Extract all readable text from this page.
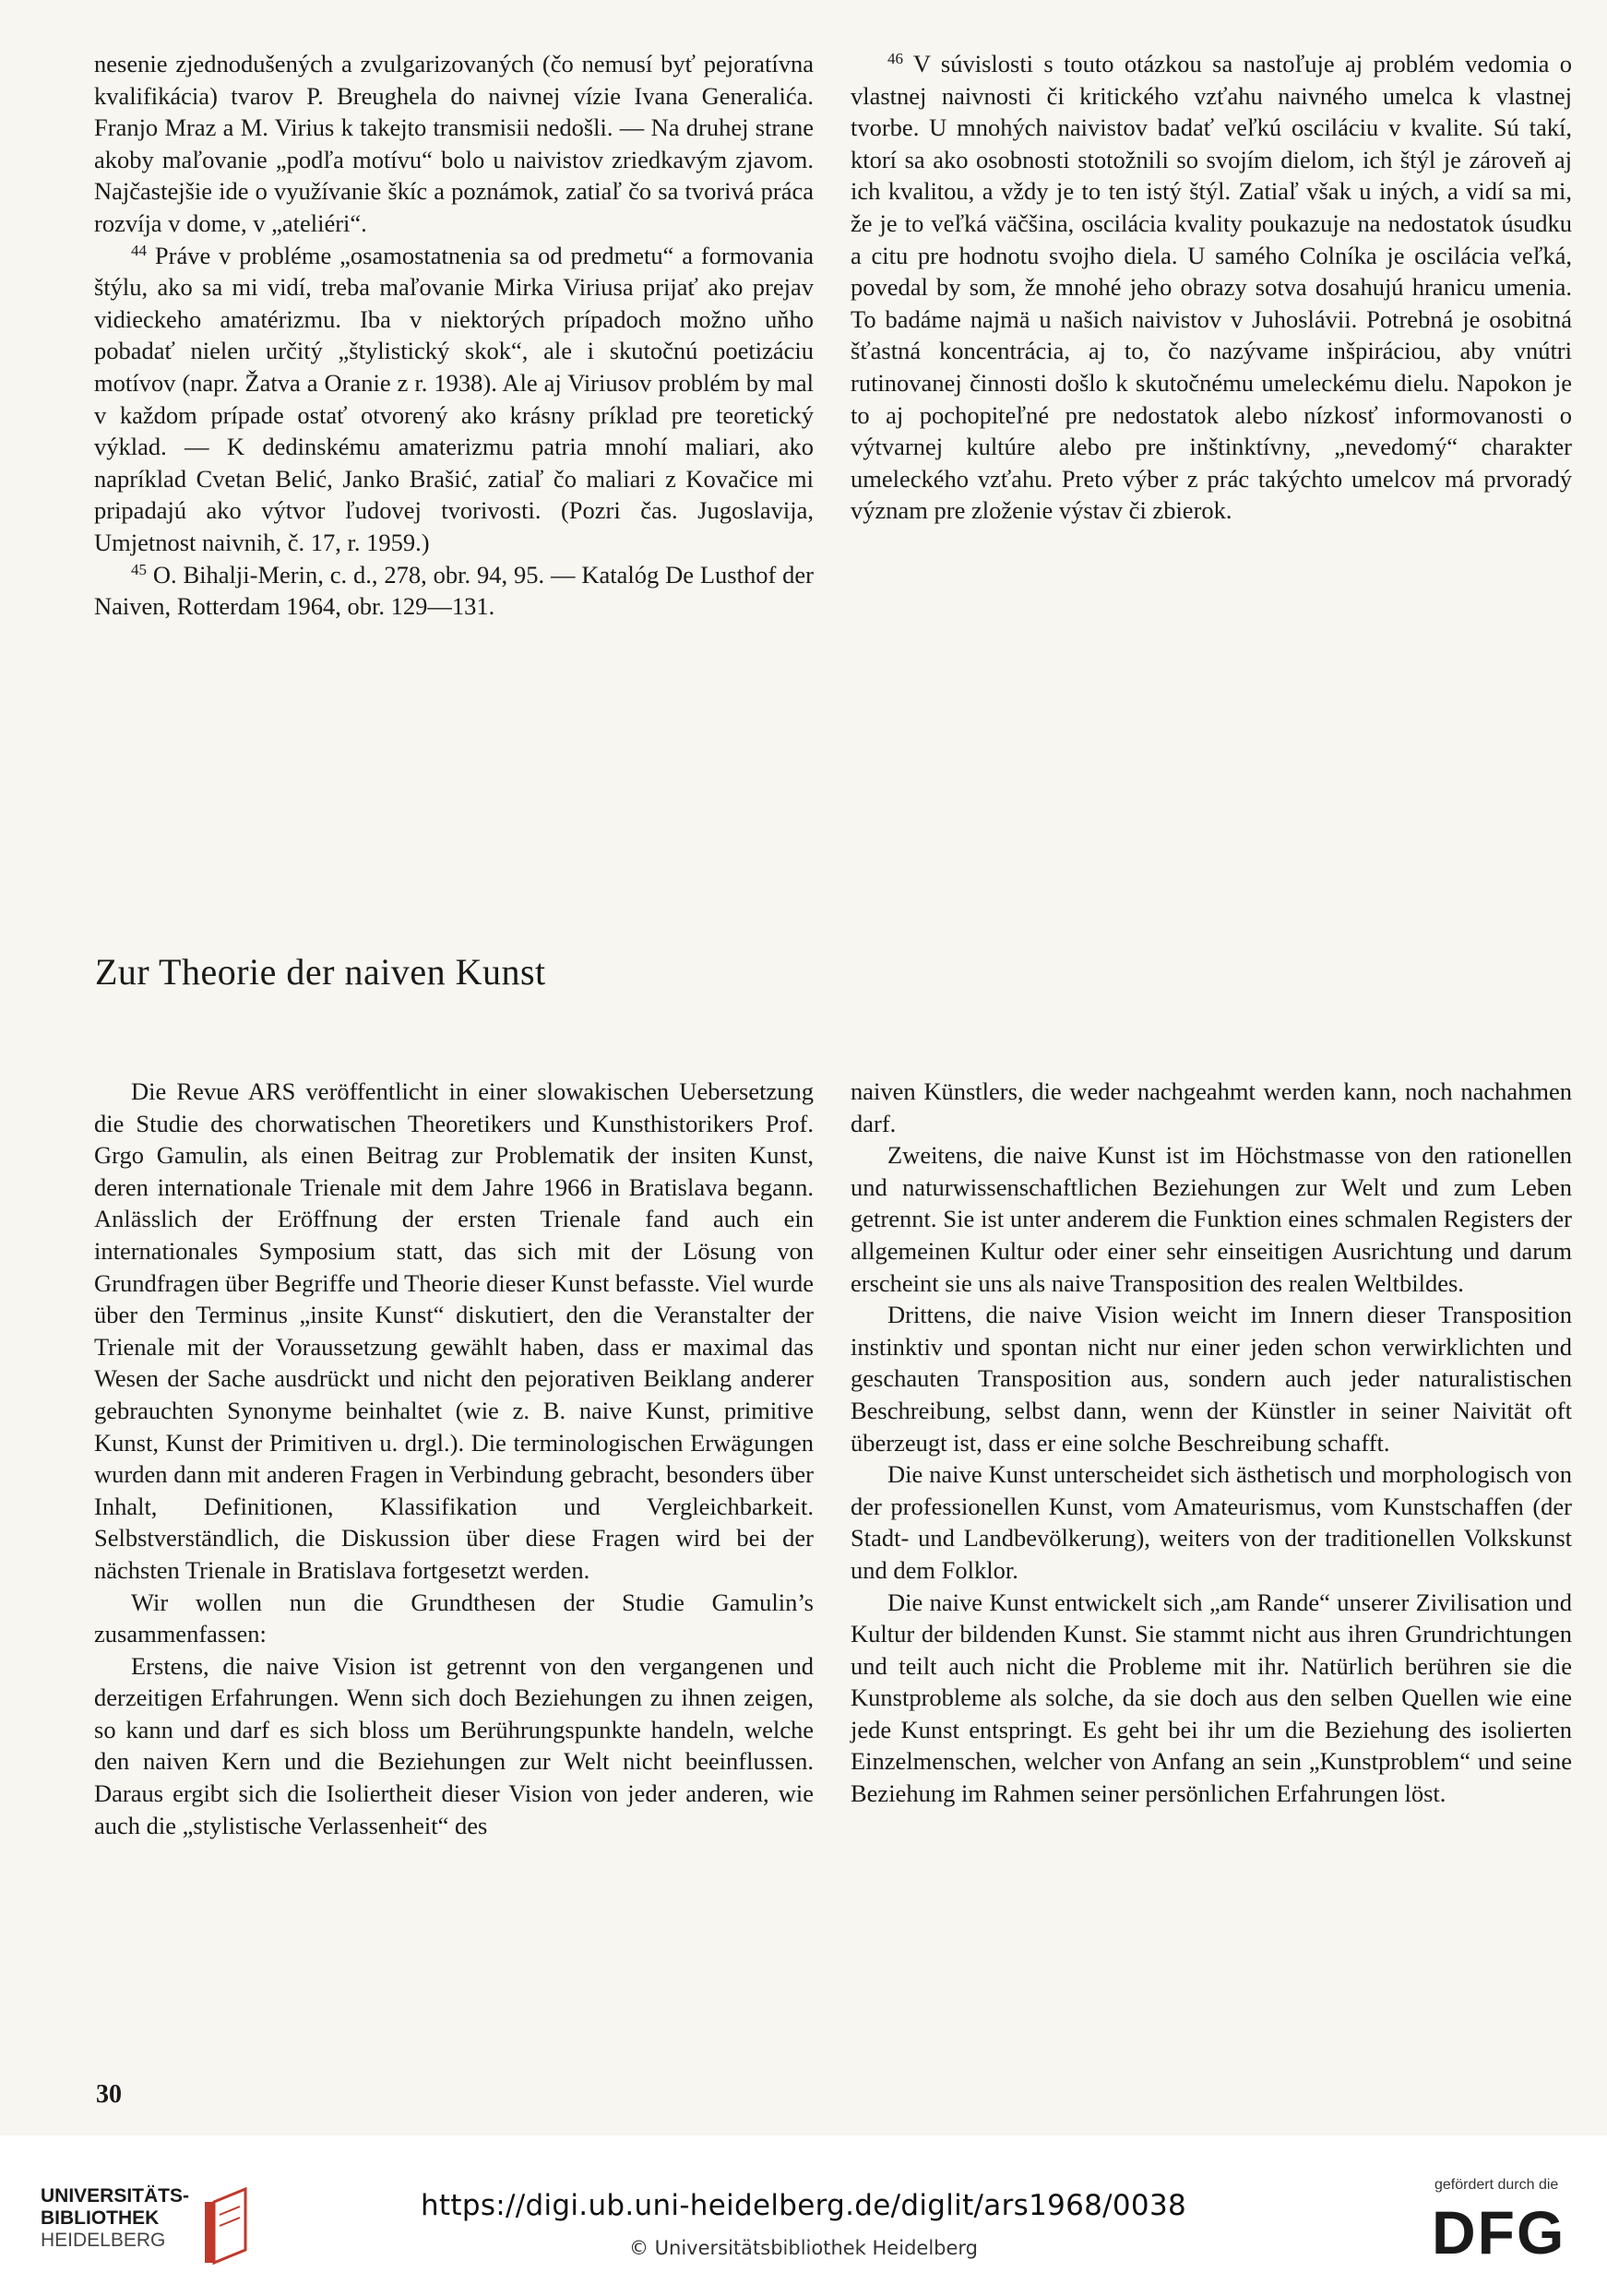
nesenie zjednodušených a zvulgarizovaných (čo nemusí byť pejoratívna kvalifikácia) tvarov P. Breughela do naivnej vízie Ivana Generalića. Franjo Mraz a M. Virius k takejto transmisii nedošli. — Na druhej strane akoby maľovanie „podľa motívu“ bolo u naivistov zriedkavým zjavom. Najčastejšie ide o využívanie škíc a poznámok, zatiaľ čo sa tvorivá práca rozvíja v dome, v „ateliéri“.

$^{44}$ Práve v probléme „osamostatnenia sa od predmetu“ a formovania štýlu, ako sa mi vidí, treba maľovanie Mirka Viriusa prijať ako prejav vidieckeho amatérizmu. Iba v niektorých prípadoch možno uňho pobadať nielen určitý „štylistický skok“, ale i skutočnú poetizáciu motívov (napr. Žatva a Oranie z r. 1938). Ale aj Viriusov problém by mal v každom prípade ostať otvorený ako krásny príklad pre teoretický výklad. — K dedinskému amaterizmu patria mnohí maliari, ako napríklad Cvetan Belić, Janko Brašić, zatiaľ čo maliari z Kovačice mi pripadajú ako výtvor ľudovej tvorivosti. (Pozri čas. Jugoslavija, Umjetnost naivnih, č. 17, r. 1959.)

$^{45}$ O. Bihalji-Merin, c. d., 278, obr. 94, 95. — Katalóg De Lusthof der Naiven, Rotterdam 1964, obr. 129—131.

$^{46}$ V súvislosti s touto otázkou sa nastoľuje aj problém vedomia o vlastnej naivnosti či kritického vzťahu naivného umelca k vlastnej tvorbe. U mnohých naivistov badať veľkú osciláciu v kvalite. Sú takí, ktorí sa ako osobnosti stotožnili so svojím dielom, ich štýl je zároveň aj ich kvalitou, a vždy je to ten istý štýl. Zatiaľ však u iných, a vidí sa mi, že je to veľká väčšina, oscilácia kvality poukazuje na nedostatok úsudku a citu pre hodnotu svojho diela. U samého Colníka je oscilácia veľká, povedal by som, že mnohé jeho obrazy sotva dosahujú hranicu umenia. To badáme najmä u našich naivistov v Juhoslávii. Potrebná je osobitná šťastná koncentrácia, aj to, čo nazývame inšpiráciou, aby vnútri rutinovanej činnosti došlo k skutočnému umeleckému dielu. Napokon je to aj pochopiteľné pre nedostatok alebo nízkosť informovanosti o výtvarnej kultúre alebo pre inštinktívny, „nevedomý“ charakter umeleckého vzťahu. Preto výber z prác takýchto umelcov má prvoradý význam pre zloženie výstav či zbierok.

Zur Theorie der naiven Kunst

Die Revue ARS veröffentlicht in einer slowakischen Uebersetzung die Studie des chorwatischen Theoretikers und Kunsthistorikers Prof. Grgo Gamulin, als einen Beitrag zur Problematik der insiten Kunst, deren internationale Trienale mit dem Jahre 1966 in Bratislava begann. Anlässlich der Eröffnung der ersten Trienale fand auch ein internationales Symposium statt, das sich mit der Lösung von Grundfragen über Begriffe und Theorie dieser Kunst befasste. Viel wurde über den Terminus „insite Kunst“ diskutiert, den die Veranstalter der Trienale mit der Voraussetzung gewählt haben, dass er maximal das Wesen der Sache ausdrückt und nicht den pejorativen Beiklang anderer gebrauchten Synonyme beinhaltet (wie z. B. naive Kunst, primitive Kunst, Kunst der Primitiven u. drgl.). Die terminologischen Erwägungen wurden dann mit anderen Fragen in Verbindung gebracht, besonders über Inhalt, Definitionen, Klassifikation und Vergleichbarkeit. Selbstverständlich, die Diskussion über diese Fragen wird bei der nächsten Trienale in Bratislava fortgesetzt werden.

Wir wollen nun die Grundthesen der Studie Gamulin’s zusammenfassen:

Erstens, die naive Vision ist getrennt von den vergangenen und derzeitigen Erfahrungen. Wenn sich doch Beziehungen zu ihnen zeigen, so kann und darf es sich bloss um Berührungspunkte handeln, welche den naiven Kern und die Beziehungen zur Welt nicht beeinflussen. Daraus ergibt sich die Isoliertheit dieser Vision von jeder anderen, wie auch die „stylistische Verlassenheit“ des

naiven Künstlers, die weder nachgeahmt werden kann, noch nachahmen darf.

Zweitens, die naive Kunst ist im Höchstmasse von den rationellen und naturwissenschaftlichen Beziehungen zur Welt und zum Leben getrennt. Sie ist unter anderem die Funktion eines schmalen Registers der allgemeinen Kultur oder einer sehr einseitigen Ausrichtung und darum erscheint sie uns als naive Transposition des realen Weltbildes.

Drittens, die naive Vision weicht im Innern dieser Transposition instinktiv und spontan nicht nur einer jeden schon verwirklichten und geschauten Transposition aus, sondern auch jeder naturalistischen Beschreibung, selbst dann, wenn der Künstler in seiner Naivität oft überzeugt ist, dass er eine solche Beschreibung schafft.

Die naive Kunst unterscheidet sich ästhetisch und morphologisch von der professionellen Kunst, vom Amateurismus, vom Kunstschaffen (der Stadt- und Landbevölkerung), weiters von der traditionellen Volkskunst und dem Folklor.

Die naive Kunst entwickelt sich „am Rande“ unserer Zivilisation und Kultur der bildenden Kunst. Sie stammt nicht aus ihren Grundrichtungen und teilt auch nicht die Probleme mit ihr. Natürlich berühren sie die Kunstprobleme als solche, da sie doch aus den selben Quellen wie eine jede Kunst entspringt. Es geht bei ihr um die Beziehung des isolierten Einzelmenschen, welcher von Anfang an sein „Kunstproblem“ und seine Beziehung im Rahmen seiner persönlichen Erfahrungen löst.

30
UNIVERSITÄTS-
BIBLIOTHEK
HEIDELBERG
https://digi.ub.uni-heidelberg.de/diglit/ars1968/0038
© Universitätsbibliothek Heidelberg
gefördert durch die
DFG
